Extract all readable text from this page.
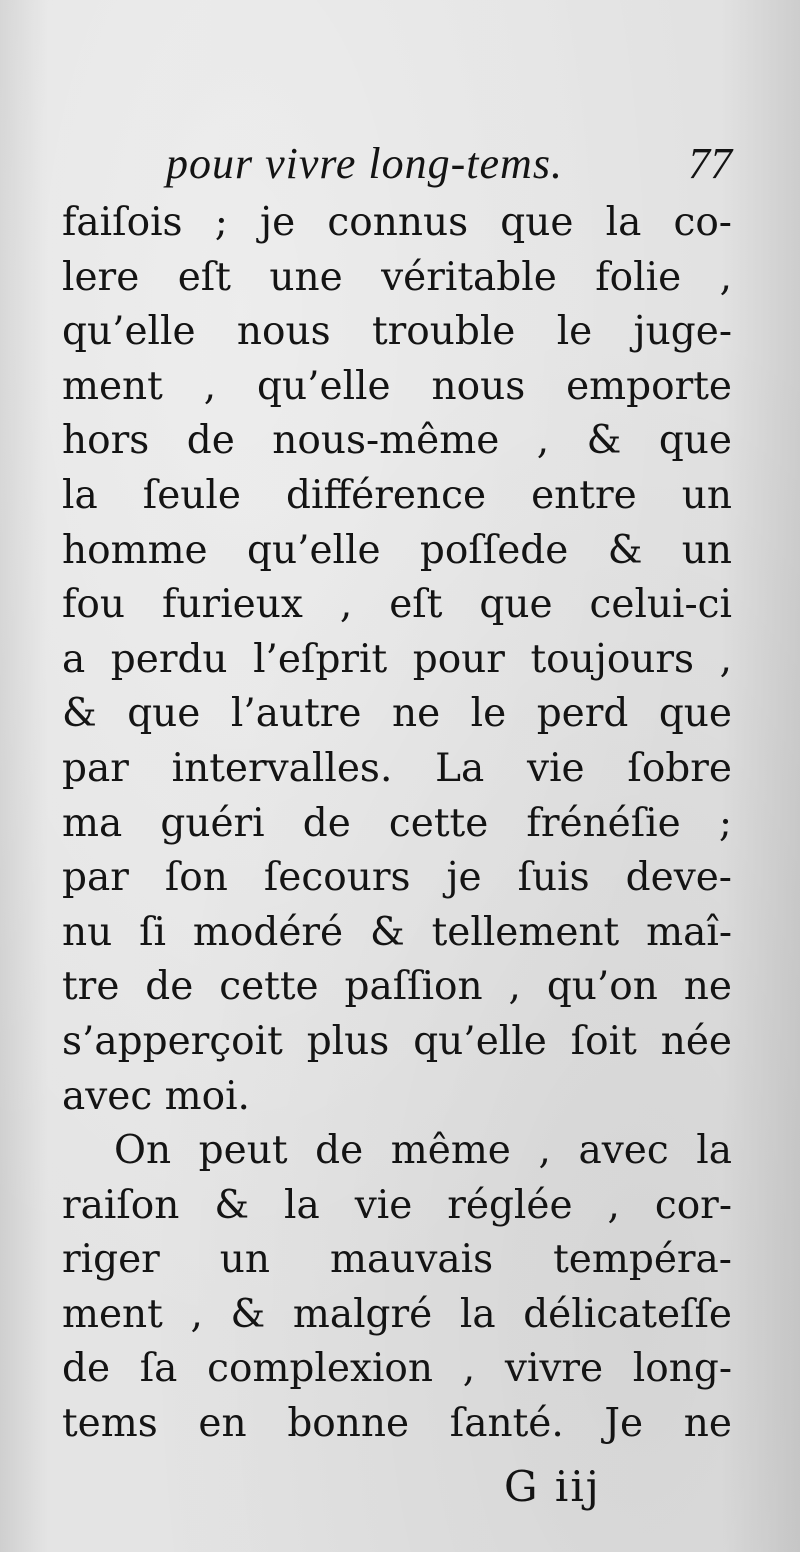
pour vivre long-tems.	77
faiſois ; je connus que la co-
lere eſt une véritable folie ,
qu’elle nous trouble le juge-
ment , qu’elle nous emporte
hors de nous-même , & que
la ſeule différence entre un
homme qu’elle poſſede & un
fou furieux , eſt que celui-ci
a perdu l’eſprit pour toujours ,
& que l’autre ne le perd que
par intervalles. La vie ſobre
ma guéri de cette frénéſie ;
par ſon ſecours je ſuis deve-
nu ſi modéré & tellement maî-
tre de cette paſſion , qu’on ne
s’apperçoit plus qu’elle ſoit née
avec moi.
On peut de même , avec la
raiſon & la vie réglée , cor-
riger un mauvais tempéra-
ment , & malgré la délicateſſe
de ſa complexion , vivre long-
tems en bonne ſanté. Je ne
G iij
